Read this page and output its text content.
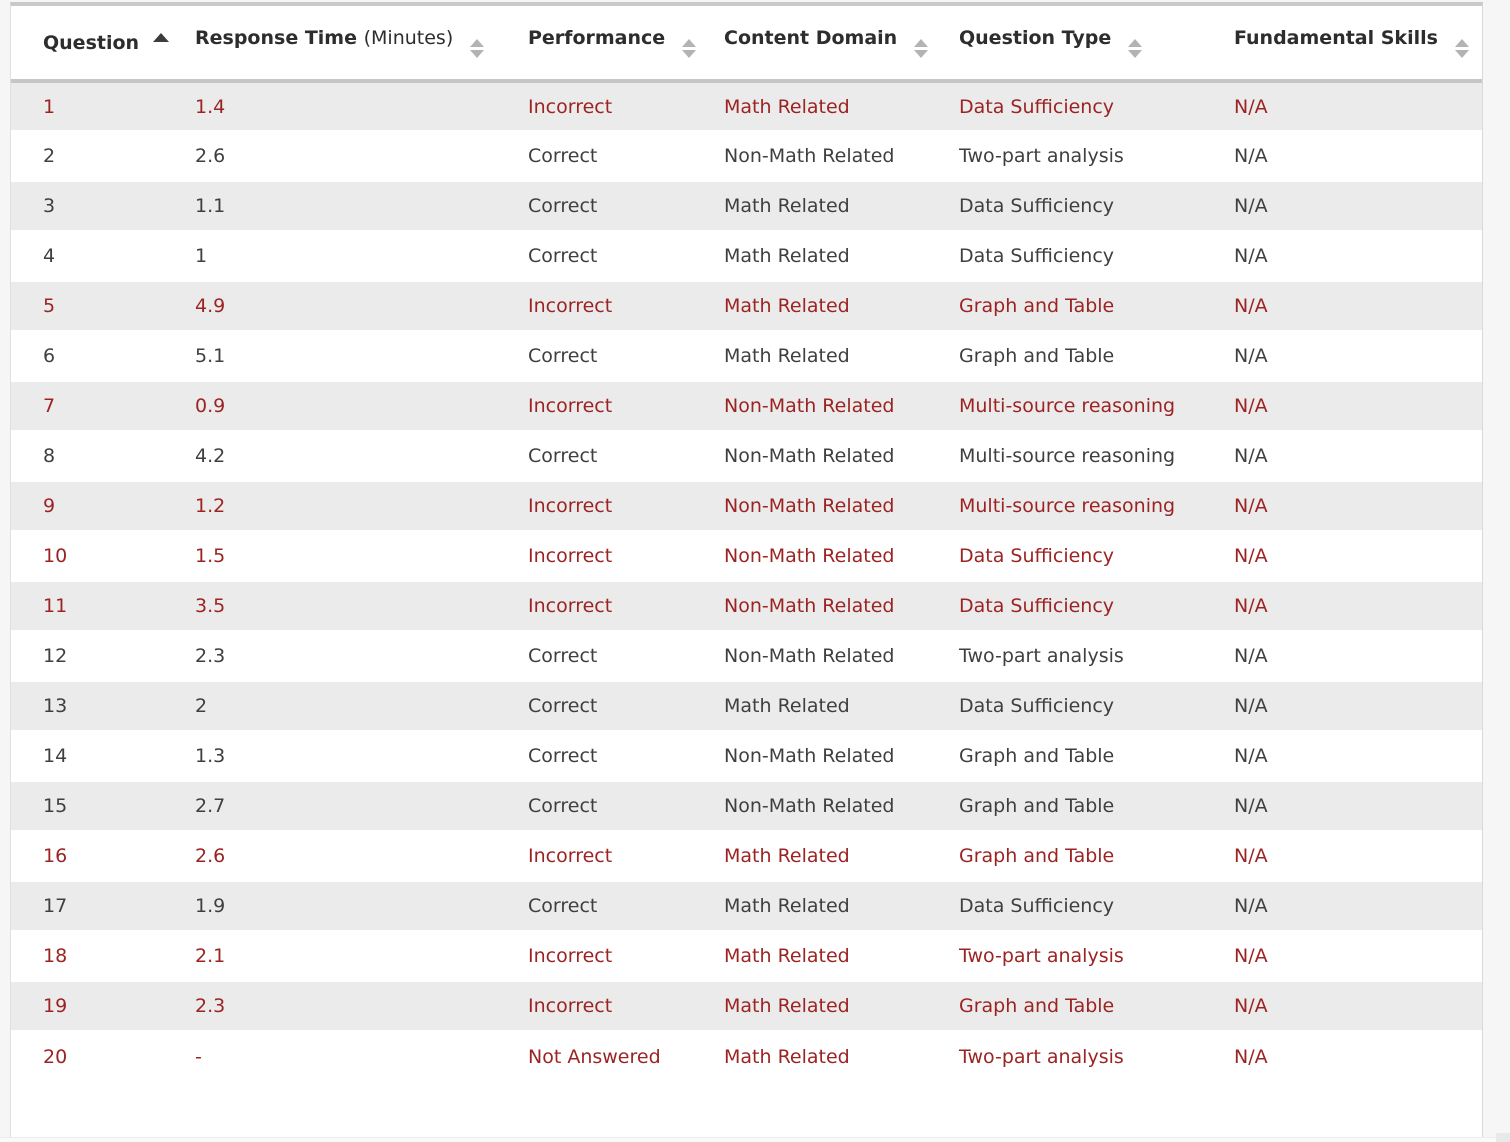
Question	Response Time (Minutes)	Performance	Content Domain	Question Type	Fundamental Skills

1	1.4	Incorrect	Math Related	Data Sufficiency	N/A
2	2.6	Correct	Non-Math Related	Two-part analysis	N/A
3	1.1	Correct	Math Related	Data Sufficiency	N/A
4	1	Correct	Math Related	Data Sufficiency	N/A
5	4.9	Incorrect	Math Related	Graph and Table	N/A
6	5.1	Correct	Math Related	Graph and Table	N/A
7	0.9	Incorrect	Non-Math Related	Multi-source reasoning	N/A
8	4.2	Correct	Non-Math Related	Multi-source reasoning	N/A
9	1.2	Incorrect	Non-Math Related	Multi-source reasoning	N/A
10	1.5	Incorrect	Non-Math Related	Data Sufficiency	N/A
11	3.5	Incorrect	Non-Math Related	Data Sufficiency	N/A
12	2.3	Correct	Non-Math Related	Two-part analysis	N/A
13	2	Correct	Math Related	Data Sufficiency	N/A
14	1.3	Correct	Non-Math Related	Graph and Table	N/A
15	2.7	Correct	Non-Math Related	Graph and Table	N/A
16	2.6	Incorrect	Math Related	Graph and Table	N/A
17	1.9	Correct	Math Related	Data Sufficiency	N/A
18	2.1	Incorrect	Math Related	Two-part analysis	N/A
19	2.3	Incorrect	Math Related	Graph and Table	N/A
20	-	Not Answered	Math Related	Two-part analysis	N/A
